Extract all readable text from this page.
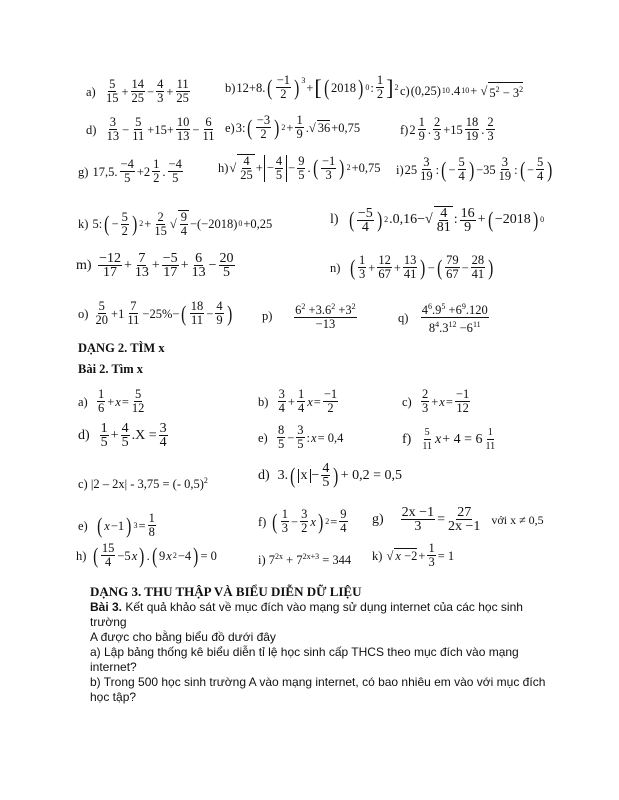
a)
$\frac{5}{15} + \frac{14}{25} - \frac{4}{3} + \frac{11}{25}$	b) 12+8. ( $\frac{-1}{2}$ ) 3
+ [ ( 2018 ) 0 : $\frac{1}{2}$ ] 2 c) (0,25) 10 .4 10 + √ $5^2 - 3^2$
d)
$\frac{3}{13} - \frac{5}{11} +15+ \frac{10}{13} - \frac{6}{11} e$) 3: ( $\frac{-3}{2}$ ) $2 + \frac{1}{9}$ .√ 36 +0,75	f) $2 \frac{1}{9}$ . $\frac{2}{3} +15 \frac{18}{19}$ . $\frac{2}{3}$
g) 17,5. $\frac{-4}{5} +2 \frac{1}{2}$ . $\frac{-4}{5}$	h) √ $\frac{4}{25}$ + − $\frac{4}{5} - \frac{9}{5}$ . ( $\frac{-1}{3}$ ) 2 +0,75 i) $25 \frac{3}{19}$ : ( − $\frac{5}{4}$ ) $-35 \frac{3}{19}$ : ( − $\frac{5}{4}$ )
k) 5: ( − $\frac{5}{2}$ ) $2 + \frac{2}{15}$ √ $\frac{9}{4} -(-2018)$ 0 +0,25	l)
( $\frac{-5}{4}$ ) 2 $.0,16-√ \frac{4}{81}$ : $\frac{16}{9}$ + ( −2018 ) 0
m)
$\frac{-12}{17} + \frac{7}{13} + \frac{-5}{17} + \frac{6}{13} - \frac{20}{5}$	n)
( $\frac{1}{3} + \frac{12}{67} + \frac{13}{41}$ ) − ( $\frac{79}{67} - \frac{28}{41}$ )
o)
$\frac{5}{20} +1 \frac{7}{11} -25\%-$ ( $\frac{18}{11} - \frac{4}{9}$ ) p)
$\frac{6^2 +3.6^2 +3^2}{-13}$	q)
$\frac{4^6.9^5 +6^9.120}{8^4.3^{12} -6^{11}}$
DẠNG 2. TÌM x
Bài 2. Tìm x
a)
$\frac{1}{6} + x = \frac{5}{12}$	b)
$\frac{3}{4} + \frac{1}{4}$ $x = \frac{-1}{2}$	c)
$\frac{2}{3} + x = \frac{-1}{12}$
d)
$\frac{1}{5} + \frac{4}{5} .X = \frac{3}{4}$	e)
$\frac{8}{5} - \frac{3}{5}$ : x = 0,4	f)
$\frac{5}{11}$ $x + 4 = 6 \frac{1}{11}$
c) |2 – 2x| - 3,75 = (- 0,5)$^2$	d) 3. ( $x - \frac{4}{5}$ ) + 0,2 = 0,5
e)
( x −1 ) $3 = \frac{1}{8}$	f)
( $\frac{1}{3} - \frac{3}{2}$ x ) $2 = \frac{9}{4} g$)
$\frac{2x -1}{3} = \frac{27}{2x -1}$
với x ≠ 0,5
h)
( $\frac{15}{4} -5$ x ) . ( 9 x 2 −4 ) = 0	i) $7^{2x} + 7^{2x+3} = 344$ k) √ $x -2 + \frac{1}{3} = 1$
DẠNG 3. THU THẬP VÀ BIỂU DIỄN DỮ LIỆU
Bài 3. Kết quả khảo sát về mục đích vào mạng sử dụng internet của các học sinh trường
A được cho bằng biểu đồ dưới đây
a) Lập bảng thống kê biểu diễn tỉ lệ học sinh cấp THCS theo mục đích vào mạng
internet?
b) Trong 500 học sinh trường A vào mạng internet, có bao nhiêu em vào với mục đích
học tập?
